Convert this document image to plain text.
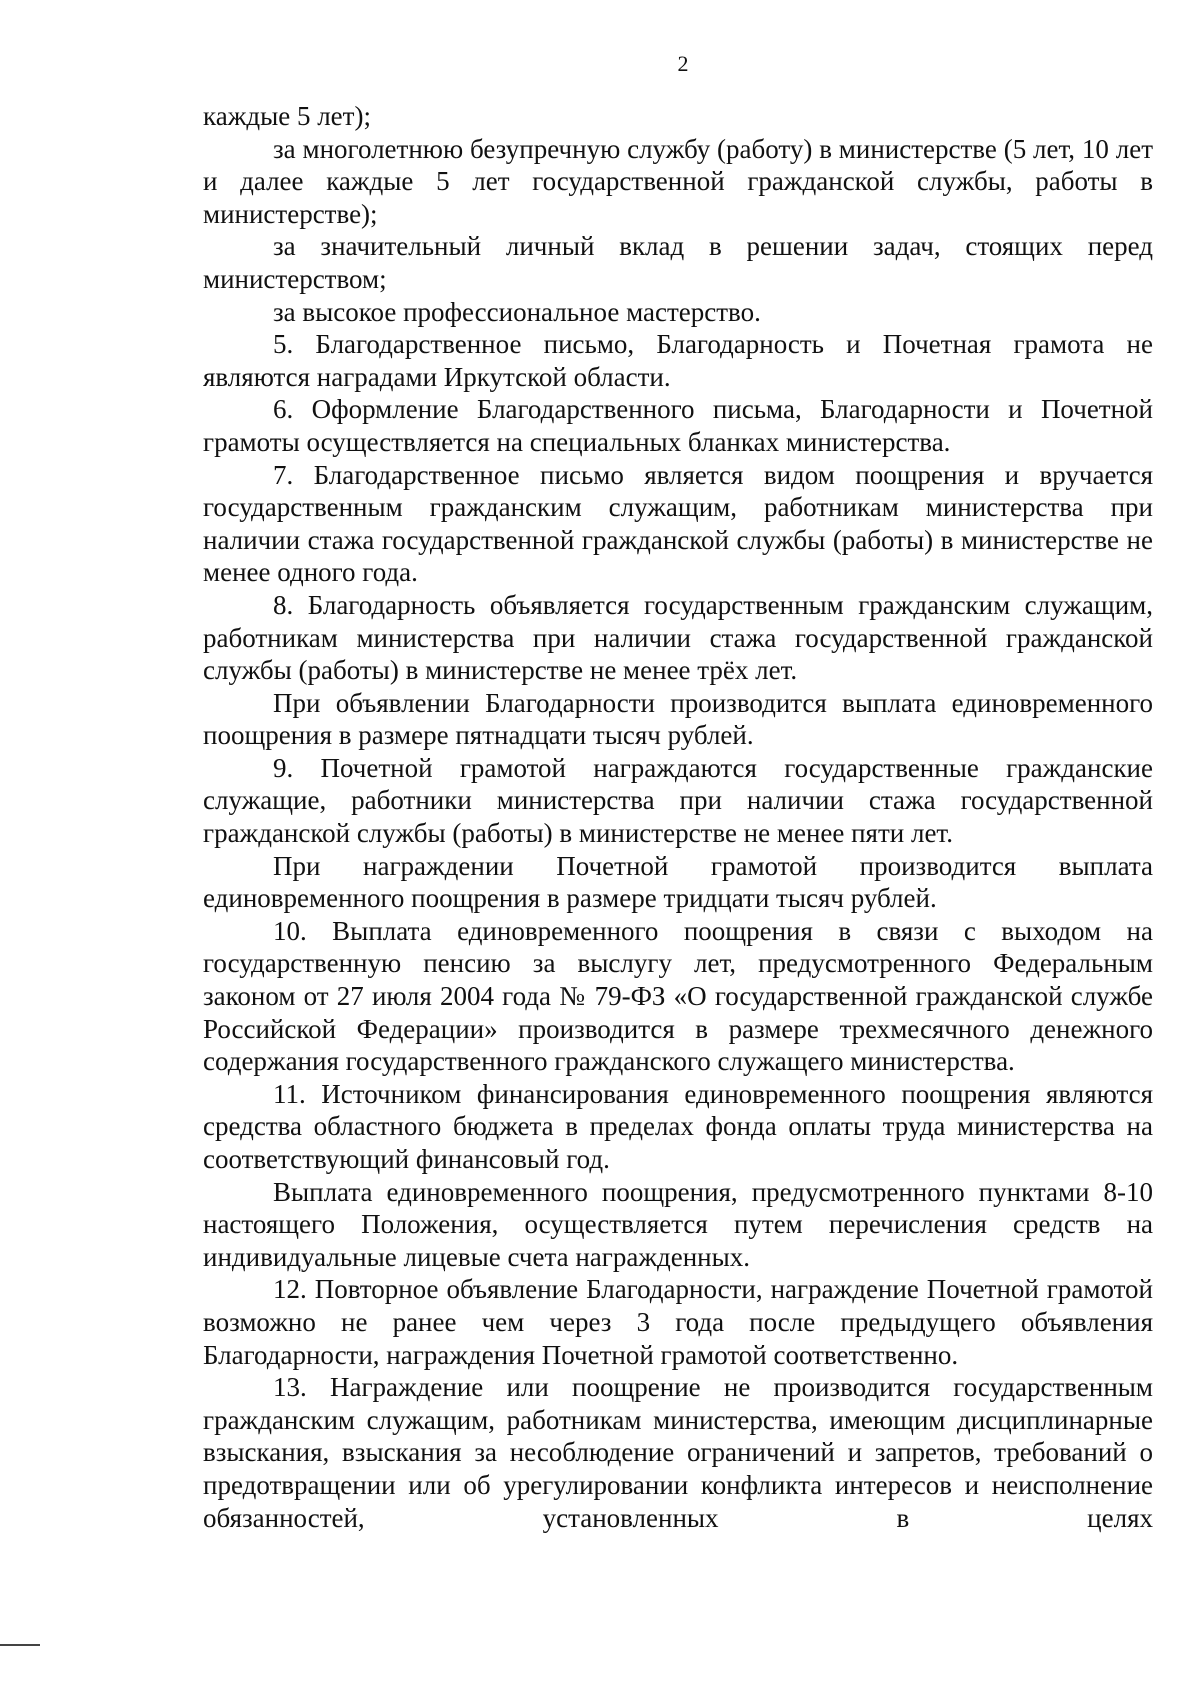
2

каждые 5 лет);

за многолетнюю безупречную службу (работу) в министерстве (5 лет, 10 лет и далее каждые 5 лет государственной гражданской службы, работы в министерстве);

за значительный личный вклад в решении задач, стоящих перед министерством;

за высокое профессиональное мастерство.

5. Благодарственное письмо, Благодарность и Почетная грамота не являются наградами Иркутской области.

6. Оформление Благодарственного письма, Благодарности и Почетной грамоты осуществляется на специальных бланках министерства.

7. Благодарственное письмо является видом поощрения и вручается государственным гражданским служащим, работникам министерства при наличии стажа государственной гражданской службы (работы) в министерстве не менее одного года.

8. Благодарность объявляется государственным гражданским служащим, работникам министерства при наличии стажа государственной гражданской службы (работы) в министерстве не менее трёх лет.

При объявлении Благодарности производится выплата единовременного поощрения в размере пятнадцати тысяч рублей.

9. Почетной грамотой награждаются государственные гражданские служащие, работники министерства при наличии стажа государственной гражданской службы (работы) в министерстве не менее пяти лет.

При награждении Почетной грамотой производится выплата единовременного поощрения в размере тридцати тысяч рублей.

10. Выплата единовременного поощрения в связи с выходом на государственную пенсию за выслугу лет, предусмотренного Федеральным законом от 27 июля 2004 года № 79-ФЗ «О государственной гражданской службе Российской Федерации» производится в размере трехмесячного денежного содержания государственного гражданского служащего министерства.

11. Источником финансирования единовременного поощрения являются средства областного бюджета в пределах фонда оплаты труда министерства на соответствующий финансовый год.

Выплата единовременного поощрения, предусмотренного пунктами 8-10 настоящего Положения, осуществляется путем перечисления средств на индивидуальные лицевые счета награжденных.

12. Повторное объявление Благодарности, награждение Почетной грамотой возможно не ранее чем через 3 года после предыдущего объявления Благодарности, награждения Почетной грамотой соответственно.

13. Награждение или поощрение не производится государственным гражданским служащим, работникам министерства, имеющим дисциплинарные взыскания, взыскания за несоблюдение ограничений и запретов, требований о предотвращении или об урегулировании конфликта интересов и неисполнение обязанностей, установленных в целях
